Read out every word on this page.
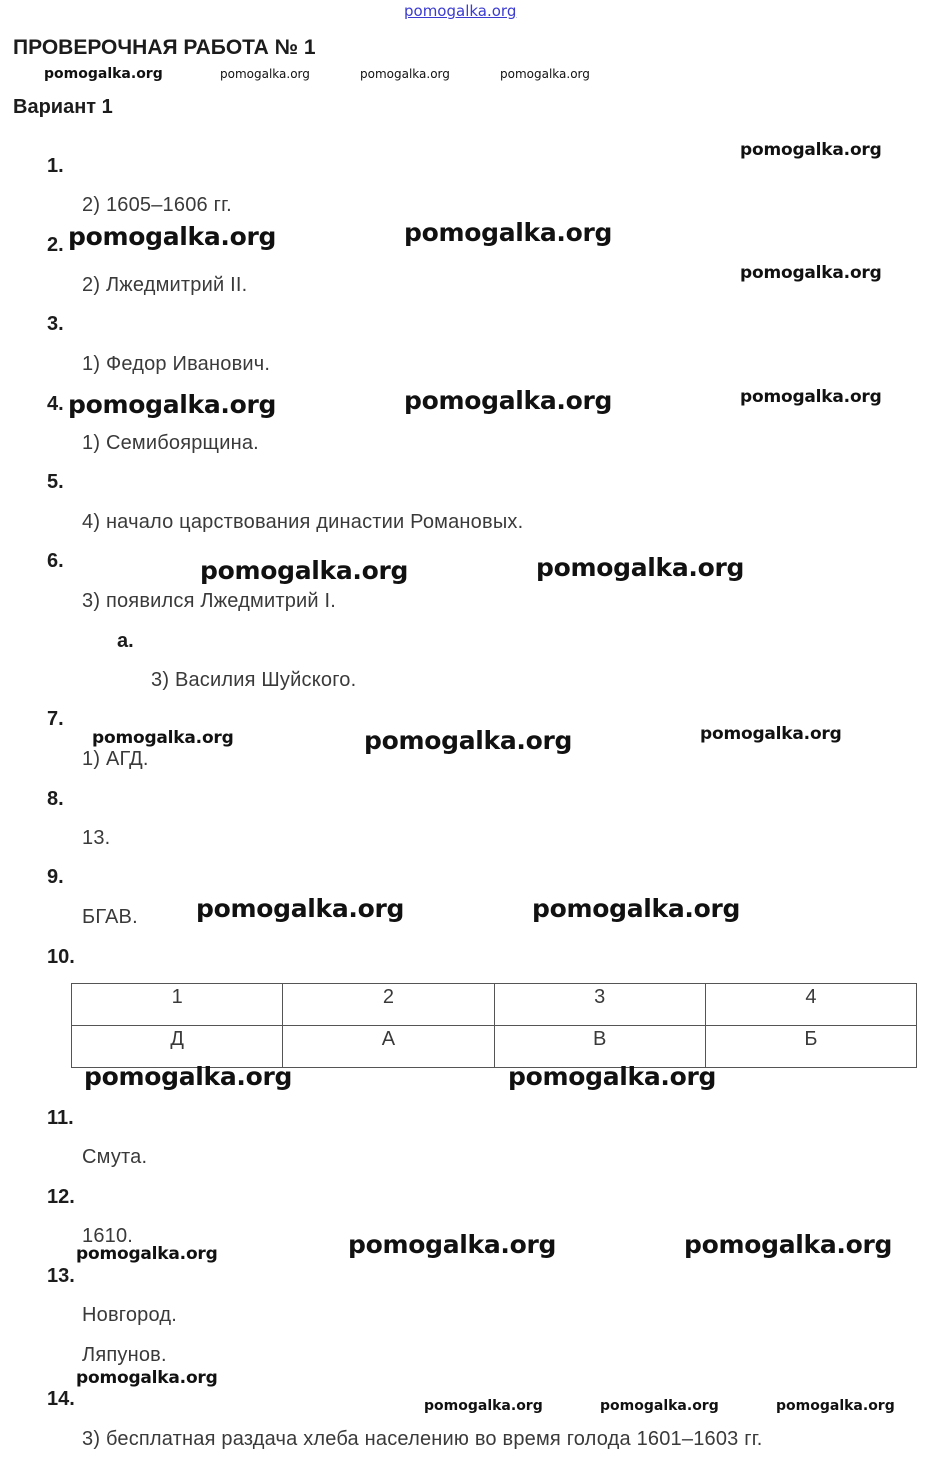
pomogalka.org
ПРОВЕРОЧНАЯ РАБОТА № 1
Вариант 1
pomogalka.org	pomogalka.org	pomogalka.org	pomogalka.org
1.
2) 1605–1606 гг.
pomogalka.org
2. pomogalka.org	pomogalka.org
2) Лжедмитрий II.
pomogalka.org
3.
1) Федор Иванович.
4. pomogalka.org	pomogalka.org	pomogalka.org
1) Семибоярщина.
5.
4) начало царствования династии Романовых.
6.	pomogalka.org	pomogalka.org
3) появился Лжедмитрий I.
а.
3) Василия Шуйского.
7.
pomogalka.org	pomogalka.org	pomogalka.org
1) АГД.
8.
13.
9.
БГАВ. pomogalka.org	pomogalka.org
10.
1	2	3	4
Д	А	В	Б
pomogalka.org	pomogalka.org
11.
Смута.
12.
1610.
pomogalka.org	pomogalka.org	pomogalka.org
13.
Новгород.
Ляпунов.
pomogalka.org
14.	pomogalka.org	pomogalka.org	pomogalka.org
3) бесплатная раздача хлеба населению во время голода 1601–1603 гг.
